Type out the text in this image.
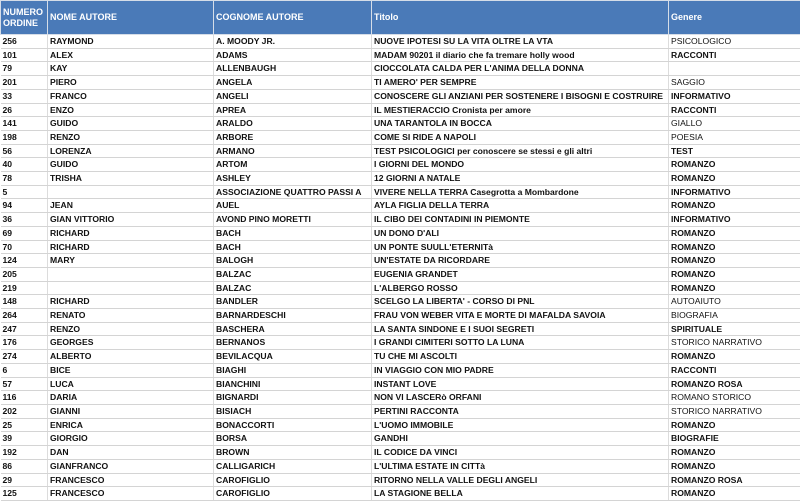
NUMERO ORDINE	NOME AUTORE	COGNOME AUTORE	Titolo	Genere
256	RAYMOND	A. MOODY JR.	NUOVE IPOTESI SU LA VITA OLTRE LA VTA	PSICOLOGICO
101	ALEX	ADAMS	MADAM 90201 il diario che fa tremare holly wood	RACCONTI
79	KAY	ALLENBAUGH	CIOCCOLATA CALDA PER L'ANIMA DELLA DONNA	
201	PIERO	ANGELA	TI AMERO' PER SEMPRE	SAGGIO
33	FRANCO	ANGELI	CONOSCERE GLI ANZIANI PER SOSTENERE I BISOGNI E COSTRUIRE	INFORMATIVO
26	ENZO	APREA	IL MESTIERACCIO Cronista per amore	RACCONTI
141	GUIDO	ARALDO	UNA TARANTOLA IN BOCCA	GIALLO
198	RENZO	ARBORE	COME SI RIDE A NAPOLI	POESIA
56	LORENZA	ARMANO	TEST PSICOLOGICI per conoscere se stessi e gli altri	TEST
40	GUIDO	ARTOM	I GIORNI DEL MONDO	ROMANZO
78	TRISHA	ASHLEY	12 GIORNI A NATALE	ROMANZO
5		ASSOCIAZIONE QUATTRO PASSI A	VIVERE NELLA TERRA Casegrotta a Mombardone	INFORMATIVO
94	JEAN	AUEL	AYLA FIGLIA DELLA TERRA	ROMANZO
36	GIAN VITTORIO	AVOND PINO MORETTI	IL CIBO DEI CONTADINI IN PIEMONTE	INFORMATIVO
69	RICHARD	BACH	UN DONO D'ALI	ROMANZO
70	RICHARD	BACH	UN PONTE SUULL'ETERNITà	ROMANZO
124	MARY	BALOGH	UN'ESTATE DA RICORDARE	ROMANZO
205		BALZAC	EUGENIA GRANDET	ROMANZO
219		BALZAC	L'ALBERGO ROSSO	ROMANZO
148	RICHARD	BANDLER	SCELGO LA LIBERTA' - CORSO DI PNL	AUTOAIUTO
264	RENATO	BARNARDESCHI	FRAU VON WEBER VITA E MORTE DI MAFALDA SAVOIA	BIOGRAFIA
247	RENZO	BASCHERA	LA SANTA SINDONE E I SUOI SEGRETI	SPIRITUALE
176	GEORGES	BERNANOS	I GRANDI CIMITERI SOTTO LA LUNA	STORICO NARRATIVO
274	ALBERTO	BEVILACQUA	TU CHE MI ASCOLTI	ROMANZO
6	BICE	BIAGHI	IN VIAGGIO CON MIO PADRE	RACCONTI
57	LUCA	BIANCHINI	INSTANT LOVE	ROMANZO ROSA
116	DARIA	BIGNARDI	NON VI LASCERò ORFANI	ROMANO STORICO
202	GIANNI	BISIACH	PERTINI RACCONTA	STORICO NARRATIVO
25	ENRICA	BONACCORTI	L'UOMO IMMOBILE	ROMANZO
39	GIORGIO	BORSA	GANDHI	BIOGRAFIE
192	DAN	BROWN	IL CODICE DA VINCI	ROMANZO
86	GIANFRANCO	CALLIGARICH	L'ULTIMA ESTATE IN CITTà	ROMANZO
29	FRANCESCO	CAROFIGLIO	RITORNO NELLA VALLE DEGLI ANGELI	ROMANZO ROSA
125	FRANCESCO	CAROFIGLIO	LA STAGIONE BELLA	ROMANZO
